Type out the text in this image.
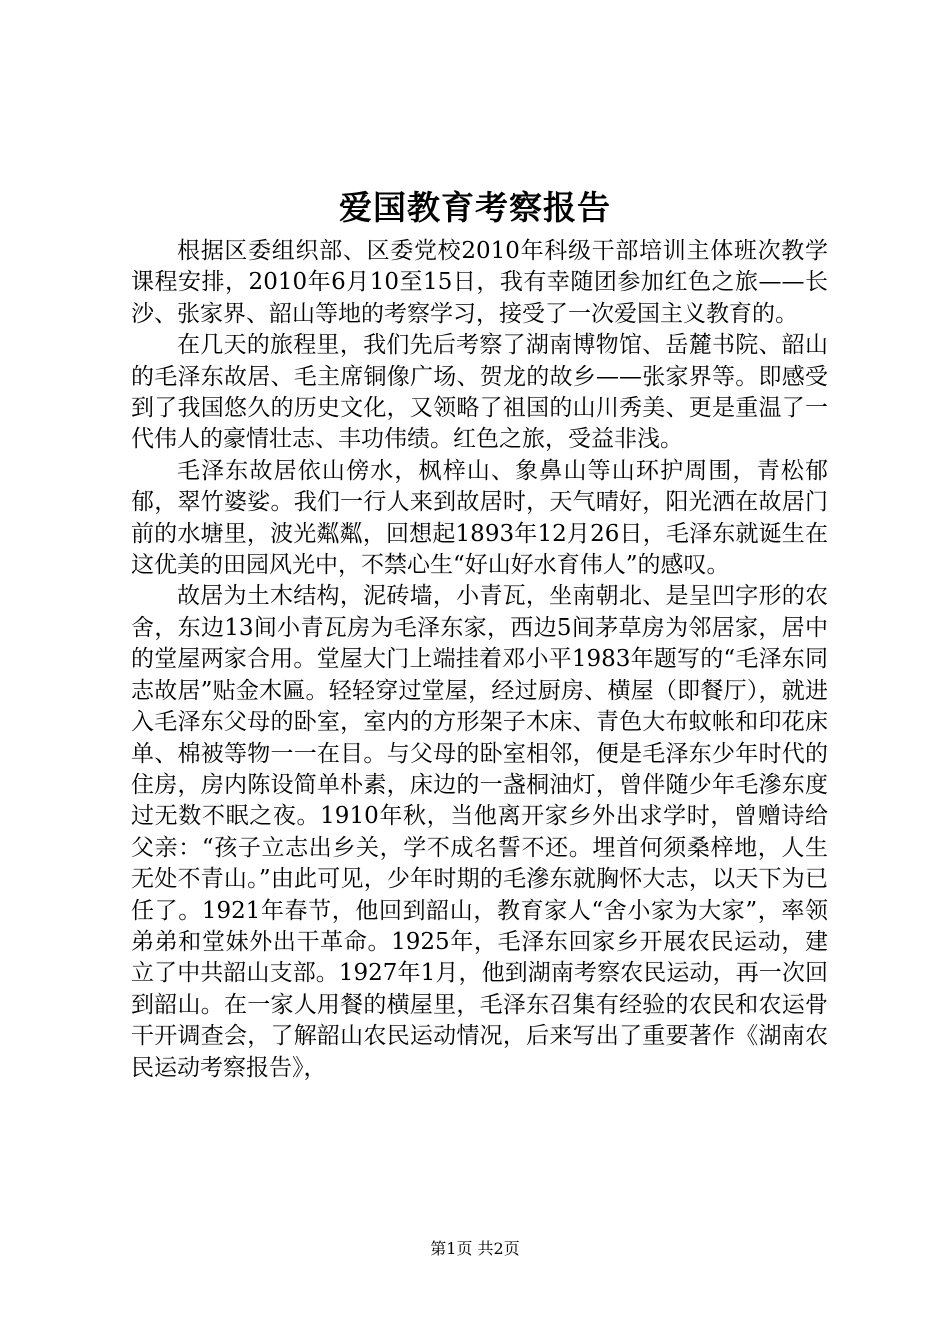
爱国教育考察报告

根据区委组织部、区委党校2010年科级干部培训主体班次教学课程安排，2010年6月10至15日，我有幸随团参加红色之旅——长沙、张家界、韶山等地的考察学习，接受了一次爱国主义教育的。

在几天的旅程里，我们先后考察了湖南博物馆、岳麓书院、韶山的毛泽东故居、毛主席铜像广场、贺龙的故乡——张家界等。即感受到了我国悠久的历史文化，又领略了祖国的山川秀美、更是重温了一代伟人的豪情壮志、丰功伟绩。红色之旅，受益非浅。

毛泽东故居依山傍水，枫梓山、象鼻山等山环护周围，青松郁郁，翠竹婆娑。我们一行人来到故居时，天气晴好，阳光洒在故居门前的水塘里，波光粼粼，回想起1893年12月26日，毛泽东就诞生在这优美的田园风光中，不禁心生“好山好水育伟人”的感叹。

故居为土木结构，泥砖墙，小青瓦，坐南朝北、是呈凹字形的农舍，东边13间小青瓦房为毛泽东家，西边5间茅草房为邻居家，居中的堂屋两家合用。堂屋大门上端挂着邓小平1983年题写的“毛泽东同志故居”贴金木匾。轻轻穿过堂屋，经过厨房、横屋（即餐厅），就进入毛泽东父母的卧室，室内的方形架子木床、青色大布蚊帐和印花床单、棉被等物一一在目。与父母的卧室相邻，便是毛泽东少年时代的住房，房内陈设简单朴素，床边的一盏桐油灯，曾伴随少年毛滲东度过无数不眠之夜。1910年秋，当他离开家乡外出求学时，曾赠诗给父亲：“孩子立志出乡关，学不成名誓不还。埋首何须桑梓地，人生无处不青山。”由此可见，少年时期的毛滲东就胸怀大志，以天下为已任了。1921年春节，他回到韶山，教育家人“舍小家为大家”，率领弟弟和堂妹外出干革命。1925年，毛泽东回家乡开展农民运动，建立了中共韶山支部。1927年1月，他到湖南考察农民运动，再一次回到韶山。在一家人用餐的横屋里，毛泽东召集有经验的农民和农运骨干开调查会，了解韶山农民运动情况，后来写出了重要著作《湖南农民运动考察报告》，

第1页 共2页
